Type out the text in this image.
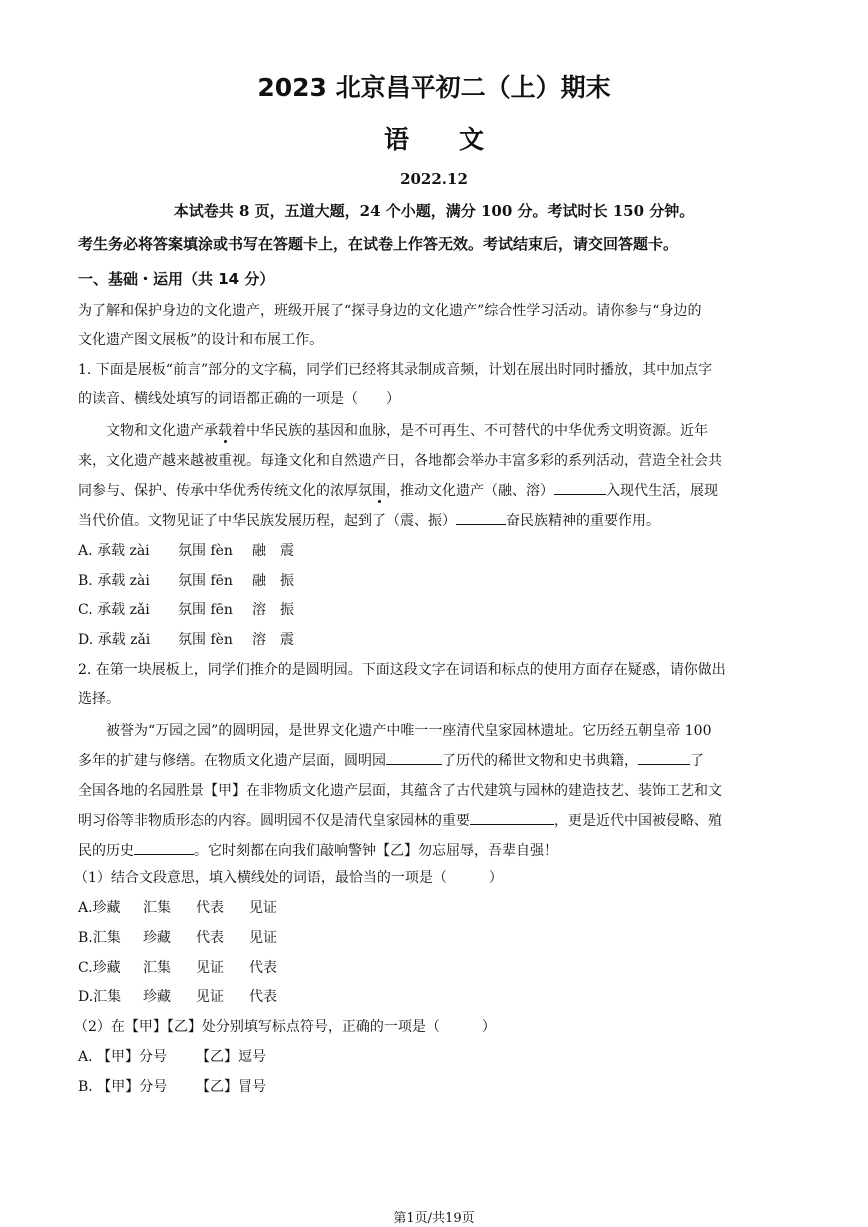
2023 北京昌平初二（上）期末
语　　文
2022.12
本试卷共 8 页，五道大题，24 个小题，满分 100 分。考试时长 150 分钟。
考生务必将答案填涂或书写在答题卡上，在试卷上作答无效。考试结束后，请交回答题卡。
一、基础・运用（共 14 分）
为了解和保护身边的文化遗产，班级开展了“探寻身边的文化遗产”综合性学习活动。请你参与“身边的
文化遗产图文展板”的设计和布展工作。
1. 下面是展板“前言”部分的文字稿，同学们已经将其录制成音频，计划在展出时同时播放，其中加点字
的读音、横线处填写的词语都正确的一项是（　　）
文物和文化遗产承载着中华民族的基因和血脉，是不可再生、不可替代的中华优秀文明资源。近年
来，文化遗产越来越被重视。每逢文化和自然遗产日，各地都会举办丰富多彩的系列活动，营造全社会共
同参与、保护、传承中华优秀传统文化的浓厚氛围，推动文化遗产（融、溶）	入现代生活，展现
当代价值。文物见证了中华民族发展历程，起到了（震、振）	奋民族精神的重要作用。
A. 承载 zài 氛围 fèn 融 震
B. 承载 zài 氛围 fēn 融 振
C. 承载 zǎi 氛围 fēn 溶 振
D. 承载 zǎi 氛围 fèn 溶 震
2. 在第一块展板上，同学们推介的是圆明园。下面这段文字在词语和标点的使用方面存在疑惑，请你做出
选择。
被誉为“万园之园”的圆明园，是世界文化遗产中唯一一座清代皇家园林遗址。它历经五朝皇帝 100
多年的扩建与修缮。在物质文化遗产层面，圆明园	了历代的稀世文物和史书典籍，	了
全国各地的名园胜景【甲】在非物质文化遗产层面，其蕴含了古代建筑与园林的建造技艺、装饰工艺和文
明习俗等非物质形态的内容。圆明园不仅是清代皇家园林的重要	，更是近代中国被侵略、殖
民的历史	。它时刻都在向我们敲响警钟【乙】勿忘屈辱，吾辈自强！
（1）结合文段意思，填入横线处的词语，最恰当的一项是（　　　）
A.珍藏 汇集 代表 见证
B.汇集 珍藏 代表 见证
C.珍藏 汇集 见证 代表
D.汇集 珍藏 见证 代表
（2）在【甲】【乙】处分别填写标点符号，正确的一项是（　　　）
A. 【甲】分号 【乙】逗号
B. 【甲】分号 【乙】冒号
第1页/共19页
